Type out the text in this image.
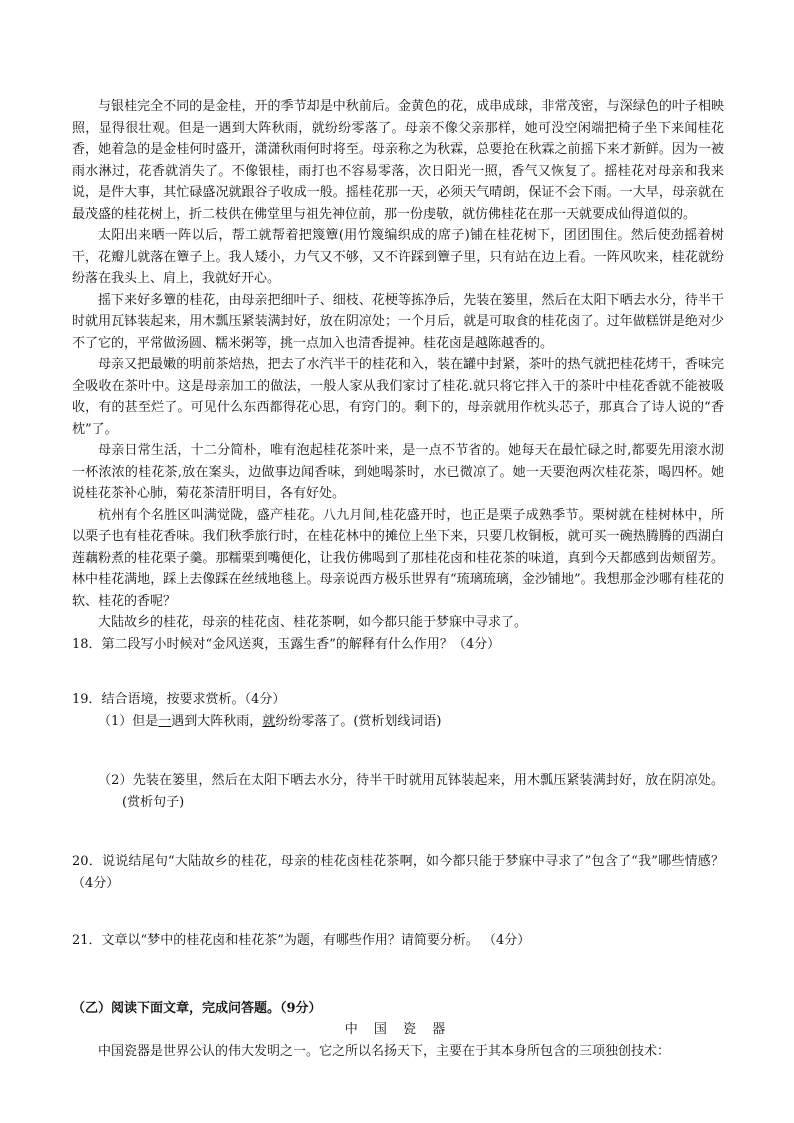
与银桂完全不同的是金桂，开的季节却是中秋前后。金黄色的花，成串成球，非常茂密，与深绿色的叶子相映照，显得很壮观。但是一遇到大阵秋雨，就纷纷零落了。母亲不像父亲那样，她可没空闲端把椅子坐下来闻桂花香，她着急的是金桂何时盛开，潇潇秋雨何时将至。母亲称之为秋霖，总要抢在秋霖之前摇下来才新鲜。因为一被雨水淋过，花香就消失了。不像银桂，雨打也不容易零落，次日阳光一照，香气又恢复了。摇桂花对母亲和我来说，是件大事，其忙碌盛况就跟谷子收成一般。摇桂花那一天，必须天气晴朗，保证不会下雨。一大早，母亲就在最茂盛的桂花树上，折二枝供在佛堂里与祖先神位前，那一份虔敬，就仿佛桂花在那一天就要成仙得道似的。

太阳出来晒一阵以后，帮工就帮着把篾簟(用竹篾编织成的席子)铺在桂花树下，团团围住。然后使劲摇着树干，花瓣儿就落在簟子上。我人矮小，力气又不够，又不许踩到簟子里，只有站在边上看。一阵风吹来，桂花就纷纷落在我头上、肩上，我就好开心。

摇下来好多簟的桂花，由母亲把细叶子、细枝、花梗等拣净后，先装在篓里，然后在太阳下晒去水分，待半干时就用瓦钵装起来，用木瓢压紧装满封好，放在阴凉处；一个月后，就是可取食的桂花卤了。过年做糕饼是绝对少不了它的，平常做汤圆、糯米粥等，挑一点加入也清香提神。桂花卤是越陈越香的。

母亲又把最嫩的明前茶焙热，把去了水汽半干的桂花和入，装在罐中封紧，茶叶的热气就把桂花烤干，香味完全吸收在茶叶中。这是母亲加工的做法，一般人家从我们家讨了桂花.就只将它拌入干的茶叶中桂花香就不能被吸收，有的甚至烂了。可见什么东西都得花心思，有窍门的。剩下的，母亲就用作枕头芯子，那真合了诗人说的“香枕”了。

母亲日常生活，十二分简朴，唯有泡起桂花茶叶来，是一点不节省的。她每天在最忙碌之时,都要先用滚水沏一杯浓浓的桂花茶,放在案头，边做事边闻香味，到她喝茶时，水已微凉了。她一天要泡两次桂花茶，喝四杯。她说桂花茶补心肺，菊花茶清肝明目，各有好处。

杭州有个名胜区叫满觉陇，盛产桂花。八九月间,桂花盛开时，也正是栗子成熟季节。栗树就在桂树林中，所以栗子也有桂花香味。我们秋季旅行时，在桂花林中的摊位上坐下来，只要几枚铜板，就可买一碗热腾腾的西湖白莲藕粉煮的桂花栗子羹。那糯栗到嘴便化，让我仿佛喝到了那桂花卤和桂花茶的味道，真到今天都感到齿颊留芳。林中桂花满地，踩上去像踩在丝绒地毯上。母亲说西方极乐世界有“琉璃琉璃，金沙铺地”。我想那金沙哪有桂花的软、桂花的香呢？

大陆故乡的桂花，母亲的桂花卤、桂花茶啊，如今都只能于梦寐中寻求了。

18．第二段写小时候对“金风送爽，玉露生香”的解释有什么作用？（4分）

19．结合语境，按要求赏析。（4分）

（1）但是一遇到大阵秋雨，就纷纷零落了。(赏析划线词语)

（2）先装在篓里，然后在太阳下晒去水分，待半干时就用瓦钵装起来，用木瓢压紧装满封好，放在阴凉处。(赏析句子)

20．说说结尾句“大陆故乡的桂花，母亲的桂花卤桂花茶啊，如今都只能于梦寐中寻求了”包含了“我”哪些情感？（4分）

21．文章以“梦中的桂花卤和桂花茶”为题，有哪些作用？请简要分析。 （4分）

（乙）阅读下面文章，完成问答题。（9分）

中 国 瓷 器

中国瓷器是世界公认的伟大发明之一。它之所以名扬天下，主要在于其本身所包含的三项独创技术：
